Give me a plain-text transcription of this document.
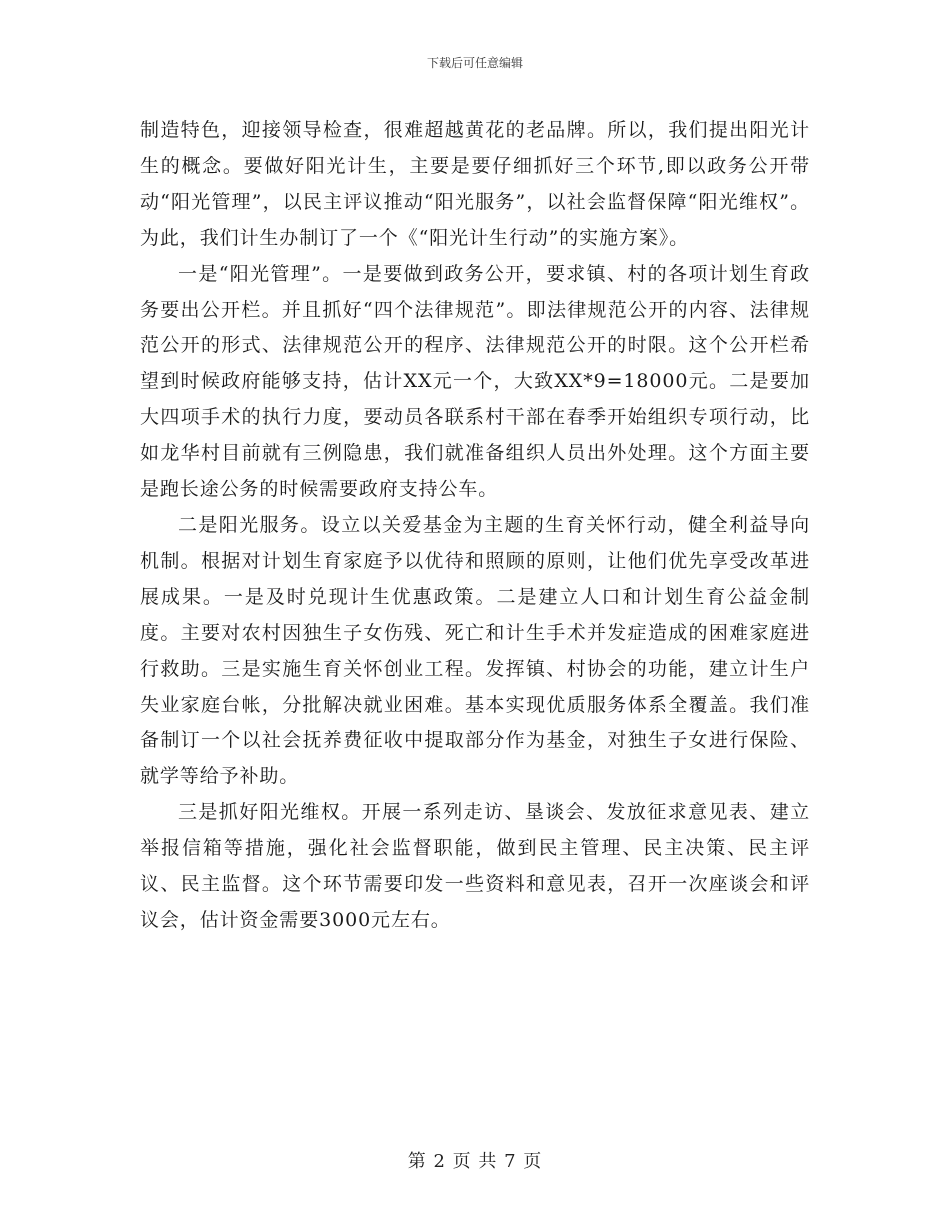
下载后可任意编辑

制造特色，迎接领导检查，很难超越黄花的老品牌。所以，我们提出阳光计生的概念。要做好阳光计生，主要是要仔细抓好三个环节,即以政务公开带动“阳光管理”，以民主评议推动“阳光服务”，以社会监督保障“阳光维权”。为此，我们计生办制订了一个《“阳光计生行动”的实施方案》。

一是“阳光管理”。一是要做到政务公开，要求镇、村的各项计划生育政务要出公开栏。并且抓好“四个法律规范”。即法律规范公开的内容、法律规范公开的形式、法律规范公开的程序、法律规范公开的时限。这个公开栏希望到时候政府能够支持，估计XX元一个，大致XX*9=18000元。二是要加大四项手术的执行力度，要动员各联系村干部在春季开始组织专项行动，比如龙华村目前就有三例隐患，我们就准备组织人员出外处理。这个方面主要是跑长途公务的时候需要政府支持公车。

二是阳光服务。设立以关爱基金为主题的生育关怀行动，健全利益导向机制。根据对计划生育家庭予以优待和照顾的原则，让他们优先享受改革进展成果。一是及时兑现计生优惠政策。二是建立人口和计划生育公益金制度。主要对农村因独生子女伤残、死亡和计生手术并发症造成的困难家庭进行救助。三是实施生育关怀创业工程。发挥镇、村协会的功能，建立计生户失业家庭台帐，分批解决就业困难。基本实现优质服务体系全覆盖。我们准备制订一个以社会抚养费征收中提取部分作为基金，对独生子女进行保险、就学等给予补助。

三是抓好阳光维权。开展一系列走访、垦谈会、发放征求意见表、建立举报信箱等措施，强化社会监督职能，做到民主管理、民主决策、民主评议、民主监督。这个环节需要印发一些资料和意见表，召开一次座谈会和评议会，估计资金需要3000元左右。

第 2 页 共 7 页
